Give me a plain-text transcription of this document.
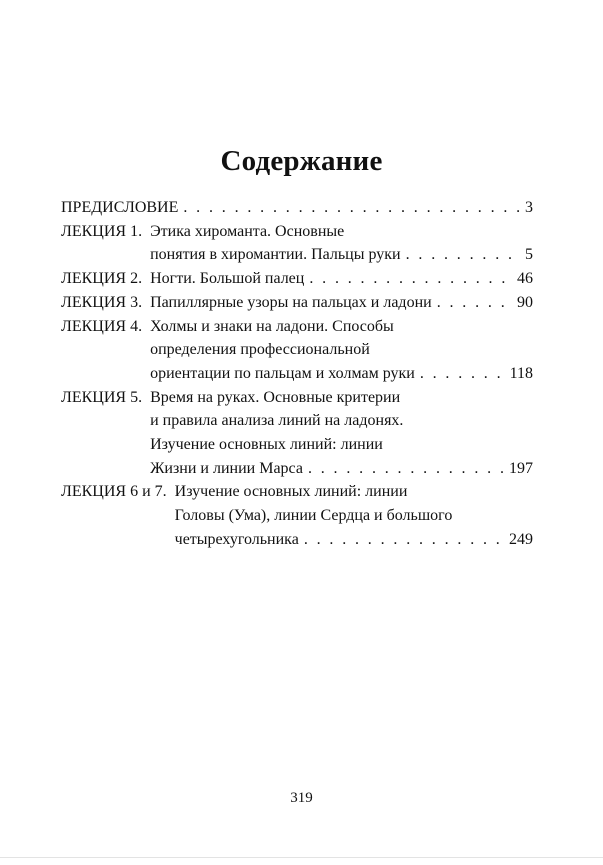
Содержание
ПРЕДИСЛОВИЕ . . .	3
ЛЕКЦИЯ 1. Этика хироманта. Основные
понятия в хиромантии. Пальцы руки . . .	5
ЛЕКЦИЯ 2. Ногти. Большой палец . . .	46
ЛЕКЦИЯ 3. Папиллярные узоры на пальцах и ладони . . .	90
ЛЕКЦИЯ 4. Холмы и знаки на ладони. Способы
определения профессиональной
ориентации по пальцам и холмам руки . . .	118
ЛЕКЦИЯ 5. Время на руках. Основные критерии
и правила анализа линий на ладонях.
Изучение основных линий: линии
Жизни и линии Марса . . .	197
ЛЕКЦИЯ 6 и 7. Изучение основных линий: линии
Головы (Ума), линии Сердца и большого
четырехугольника . . .	249
319
